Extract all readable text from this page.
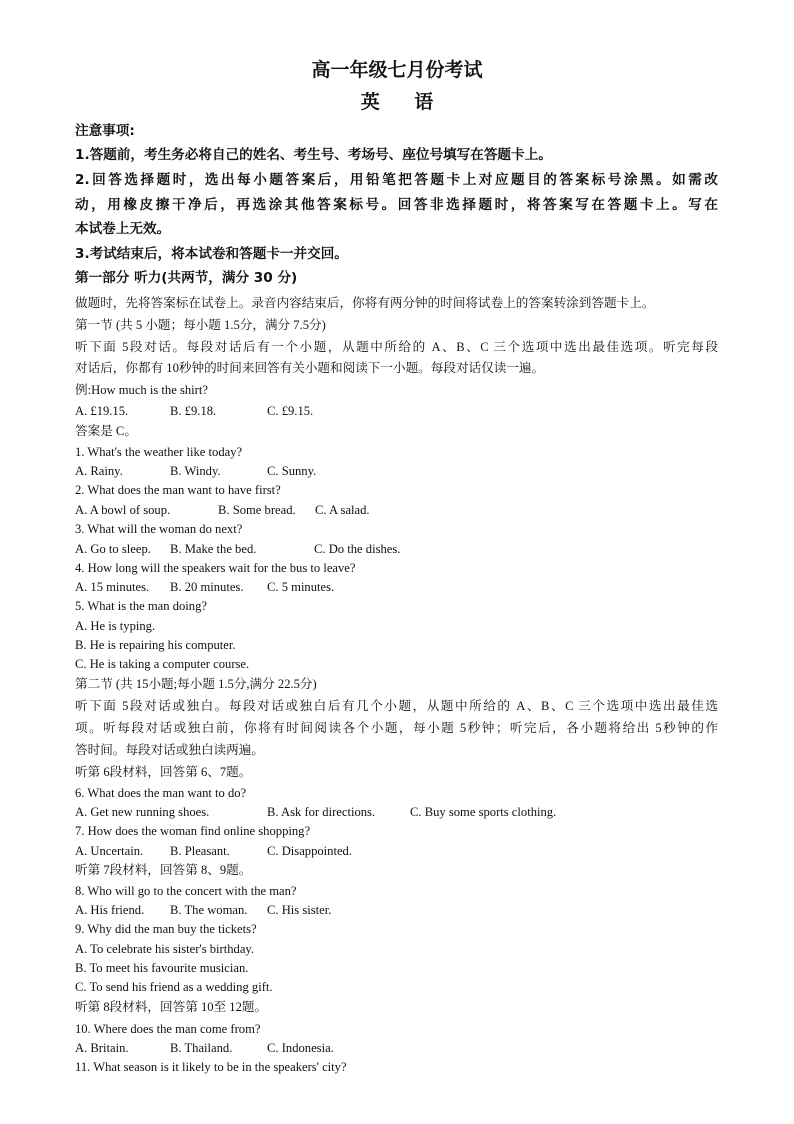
高一年级七月份考试
英 语
注意事项:
1.答题前，考生务必将自己的姓名、考生号、考场号、座位号填写在答题卡上。
2.回答选择题时，选出每小题答案后，用铅笔把答题卡上对应题目的答案标号涂黑。如需改
动，用橡皮擦干净后，再选涂其他答案标号。回答非选择题时，将答案写在答题卡上。写在
本试卷上无效。
3.考试结束后，将本试卷和答题卡一并交回。
第一部分 听力(共两节，满分 30 分)
做题时，先将答案标在试卷上。录音内容结束后，你将有两分钟的时间将试卷上的答案转涂到答题卡上。
第一节 (共 5 小题；每小题 1.5分，满分 7.5分)
听下面 5段对话。每段对话后有一个小题，从题中所给的 A、B、C 三个选项中选出最佳选项。听完每段
对话后，你都有 10秒钟的时间来回答有关小题和阅读下一小题。每段对话仅读一遍。
例:How much is the shirt?
A. £19.15.	B. £9.18.	C. £9.15.
答案是 C。
1. What's the weather like today?
A. Rainy.	B. Windy.	C. Sunny.
2. What does the man want to have first?
A. A bowl of soup.	B. Some bread. C. A salad.
3. What will the woman do next?
A. Go to sleep. B. Make the bed.	C. Do the dishes.
4. How long will the speakers wait for the bus to leave?
A. 15 minutes. B. 20 minutes. C. 5 minutes.
5. What is the man doing?
A. He is typing.
B. He is repairing his computer.
C. He is taking a computer course.
第二节 (共 15小题;每小题 1.5分,满分 22.5分)
听下面 5段对话或独白。每段对话或独白后有几个小题，从题中所给的 A、B、C 三个选项中选出最佳选
项。听每段对话或独白前，你将有时间阅读各个小题，每小题 5秒钟；听完后，各小题将给出 5秒钟的作
答时间。每段对话或独白读两遍。
听第 6段材料，回答第 6、7题。
6. What does the man want to do?
A. Get new running shoes.	B. Ask for directions.	C. Buy some sports clothing.
7. How does the woman find online shopping?
A. Uncertain. B. Pleasant.	C. Disappointed.
听第 7段材料，回答第 8、9题。
8. Who will go to the concert with the man?
A. His friend. B. The woman. C. His sister.
9. Why did the man buy the tickets?
A. To celebrate his sister's birthday.
B. To meet his favourite musician.
C. To send his friend as a wedding gift.
听第 8段材料，回答第 10至 12题。
10. Where does the man come from?
A. Britain.	B. Thailand.	C. Indonesia.
11. What season is it likely to be in the speakers' city?
